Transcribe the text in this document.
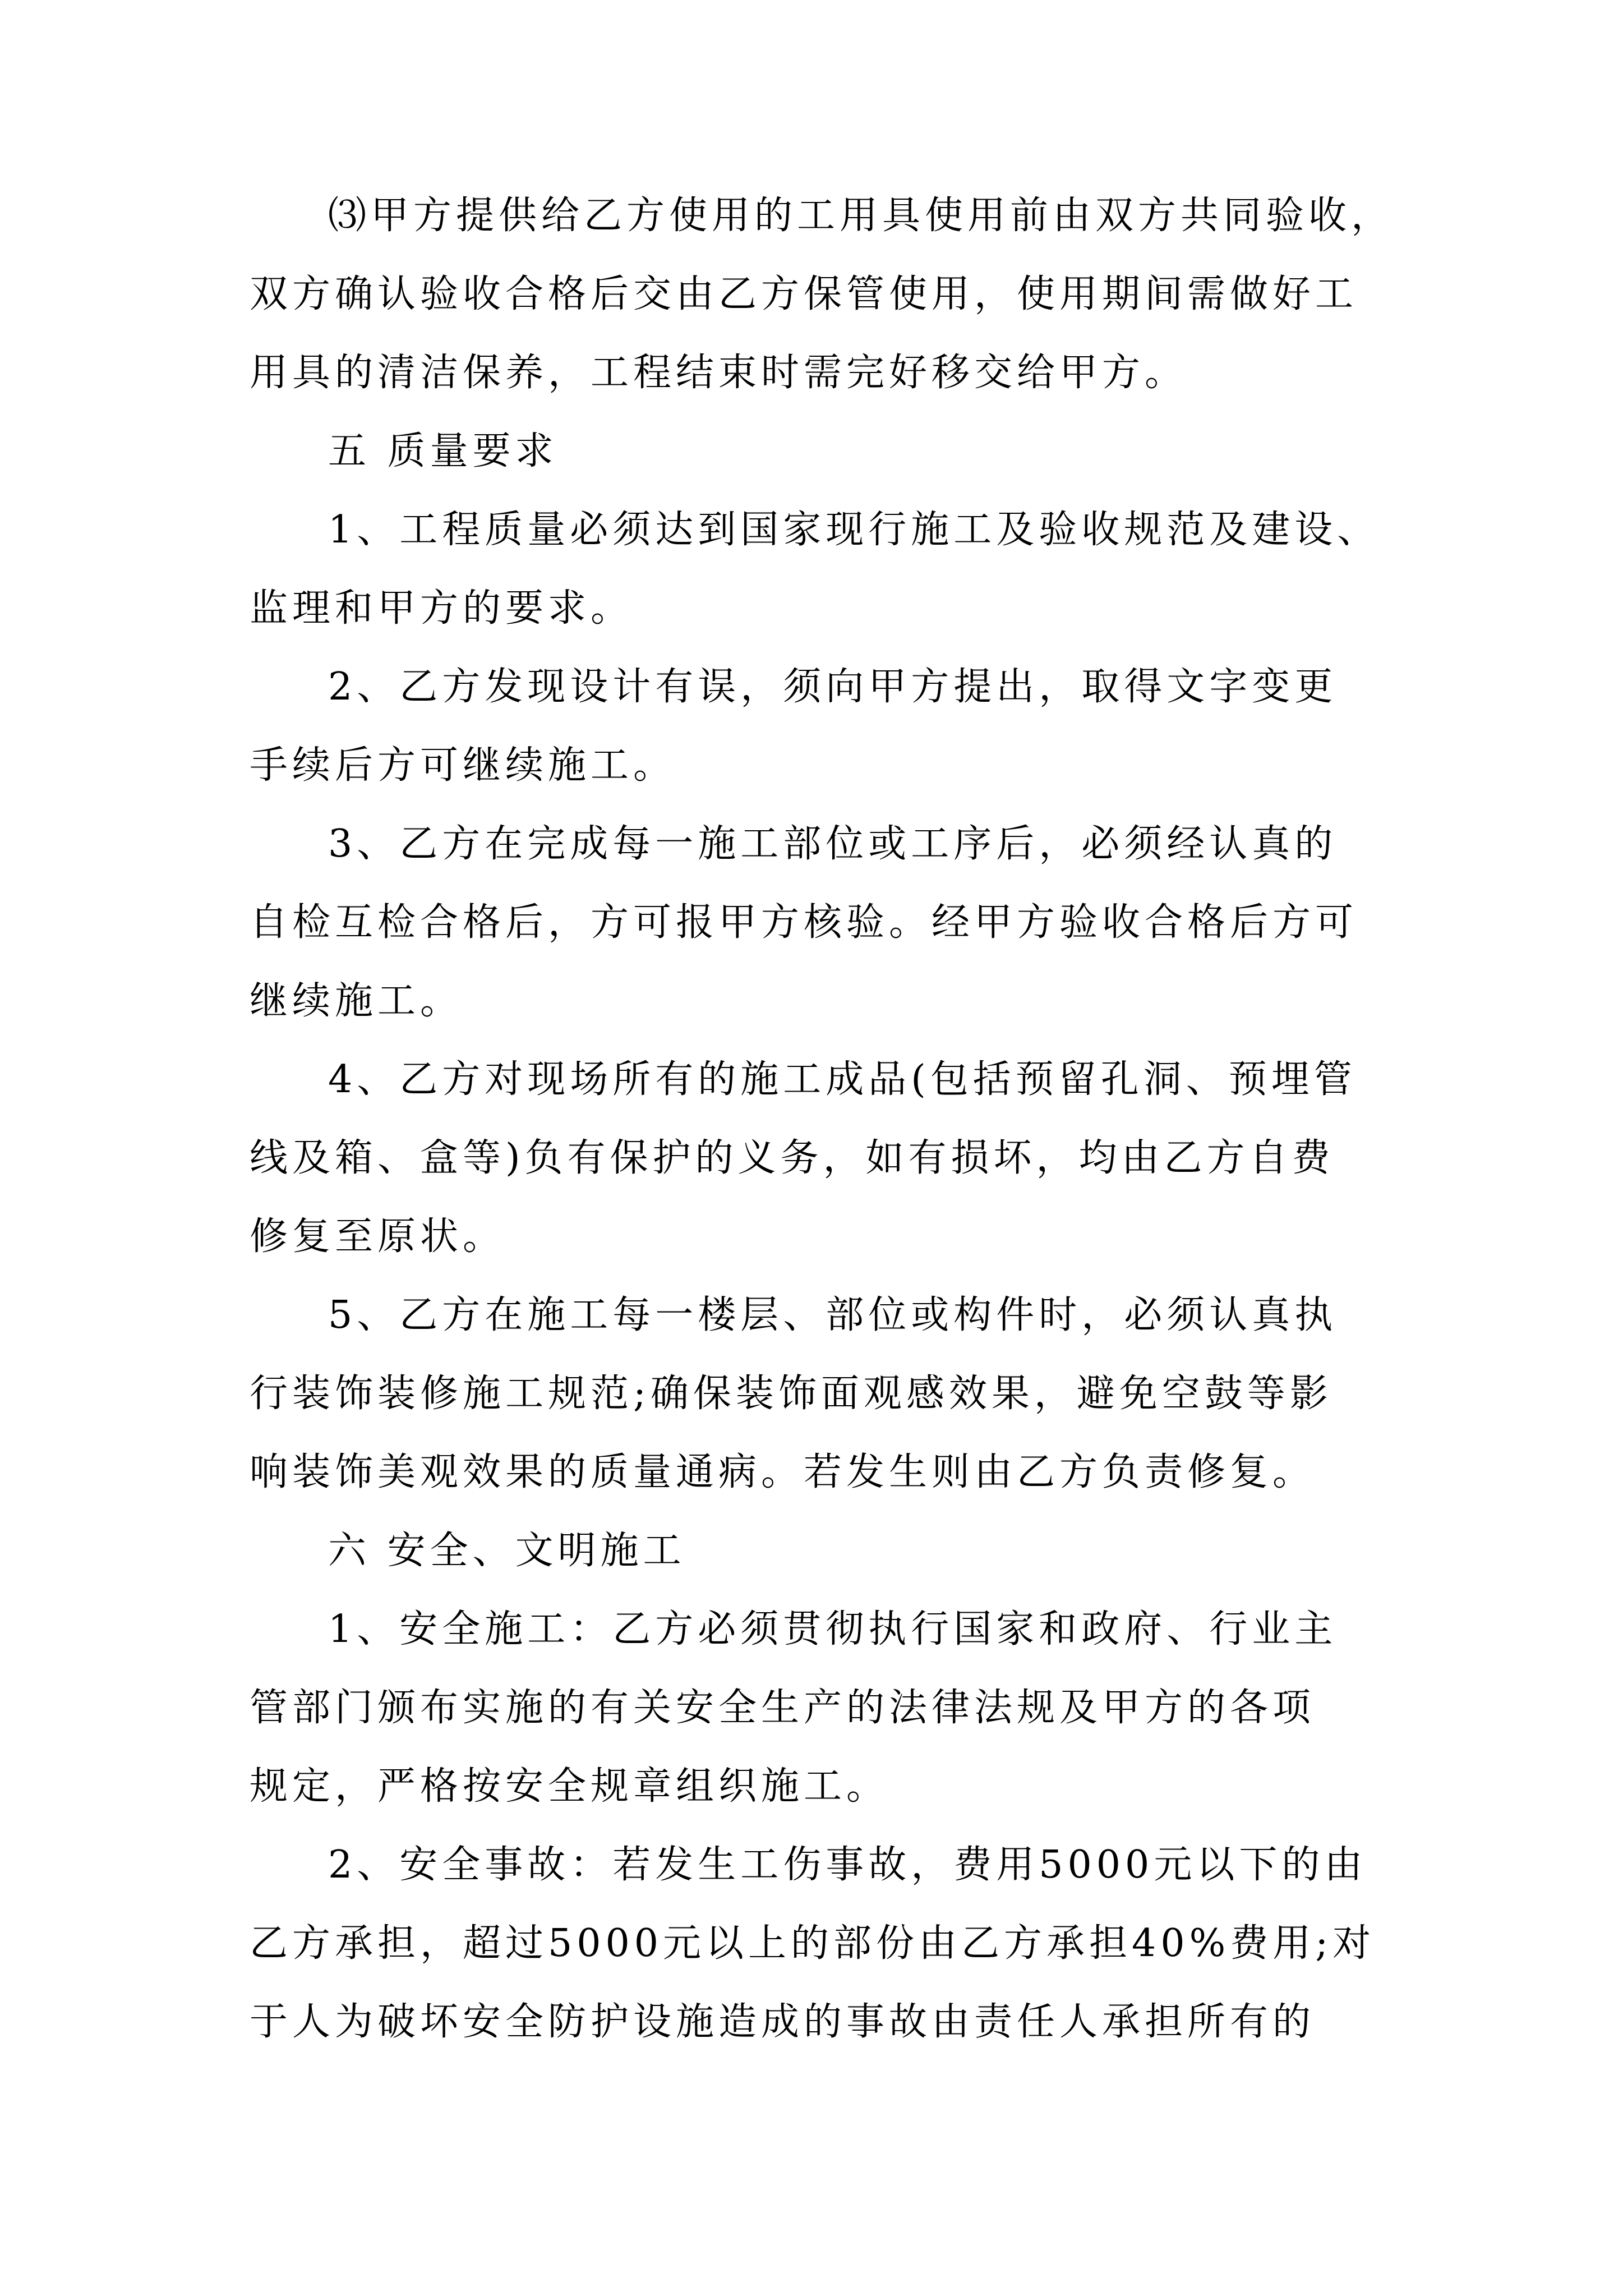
⑶甲方提供给乙方使用的工用具使用前由双方共同验收，
双方确认验收合格后交由乙方保管使用，使用期间需做好工
用具的清洁保养，工程结束时需完好移交给甲方。
五 质量要求
1、工程质量必须达到国家现行施工及验收规范及建设、
监理和甲方的要求。
2、乙方发现设计有误，须向甲方提出，取得文字变更
手续后方可继续施工。
3、乙方在完成每一施工部位或工序后，必须经认真的
自检互检合格后，方可报甲方核验。经甲方验收合格后方可
继续施工。
4、乙方对现场所有的施工成品(包括预留孔洞、预埋管
线及箱、盒等)负有保护的义务，如有损坏，均由乙方自费
修复至原状。
5、乙方在施工每一楼层、部位或构件时，必须认真执
行装饰装修施工规范;确保装饰面观感效果，避免空鼓等影
响装饰美观效果的质量通病。若发生则由乙方负责修复。
六 安全、文明施工
1、安全施工：乙方必须贯彻执行国家和政府、行业主
管部门颁布实施的有关安全生产的法律法规及甲方的各项
规定，严格按安全规章组织施工。
2、安全事故：若发生工伤事故，费用5000元以下的由
乙方承担，超过5000元以上的部份由乙方承担40%费用;对
于人为破坏安全防护设施造成的事故由责任人承担所有的
